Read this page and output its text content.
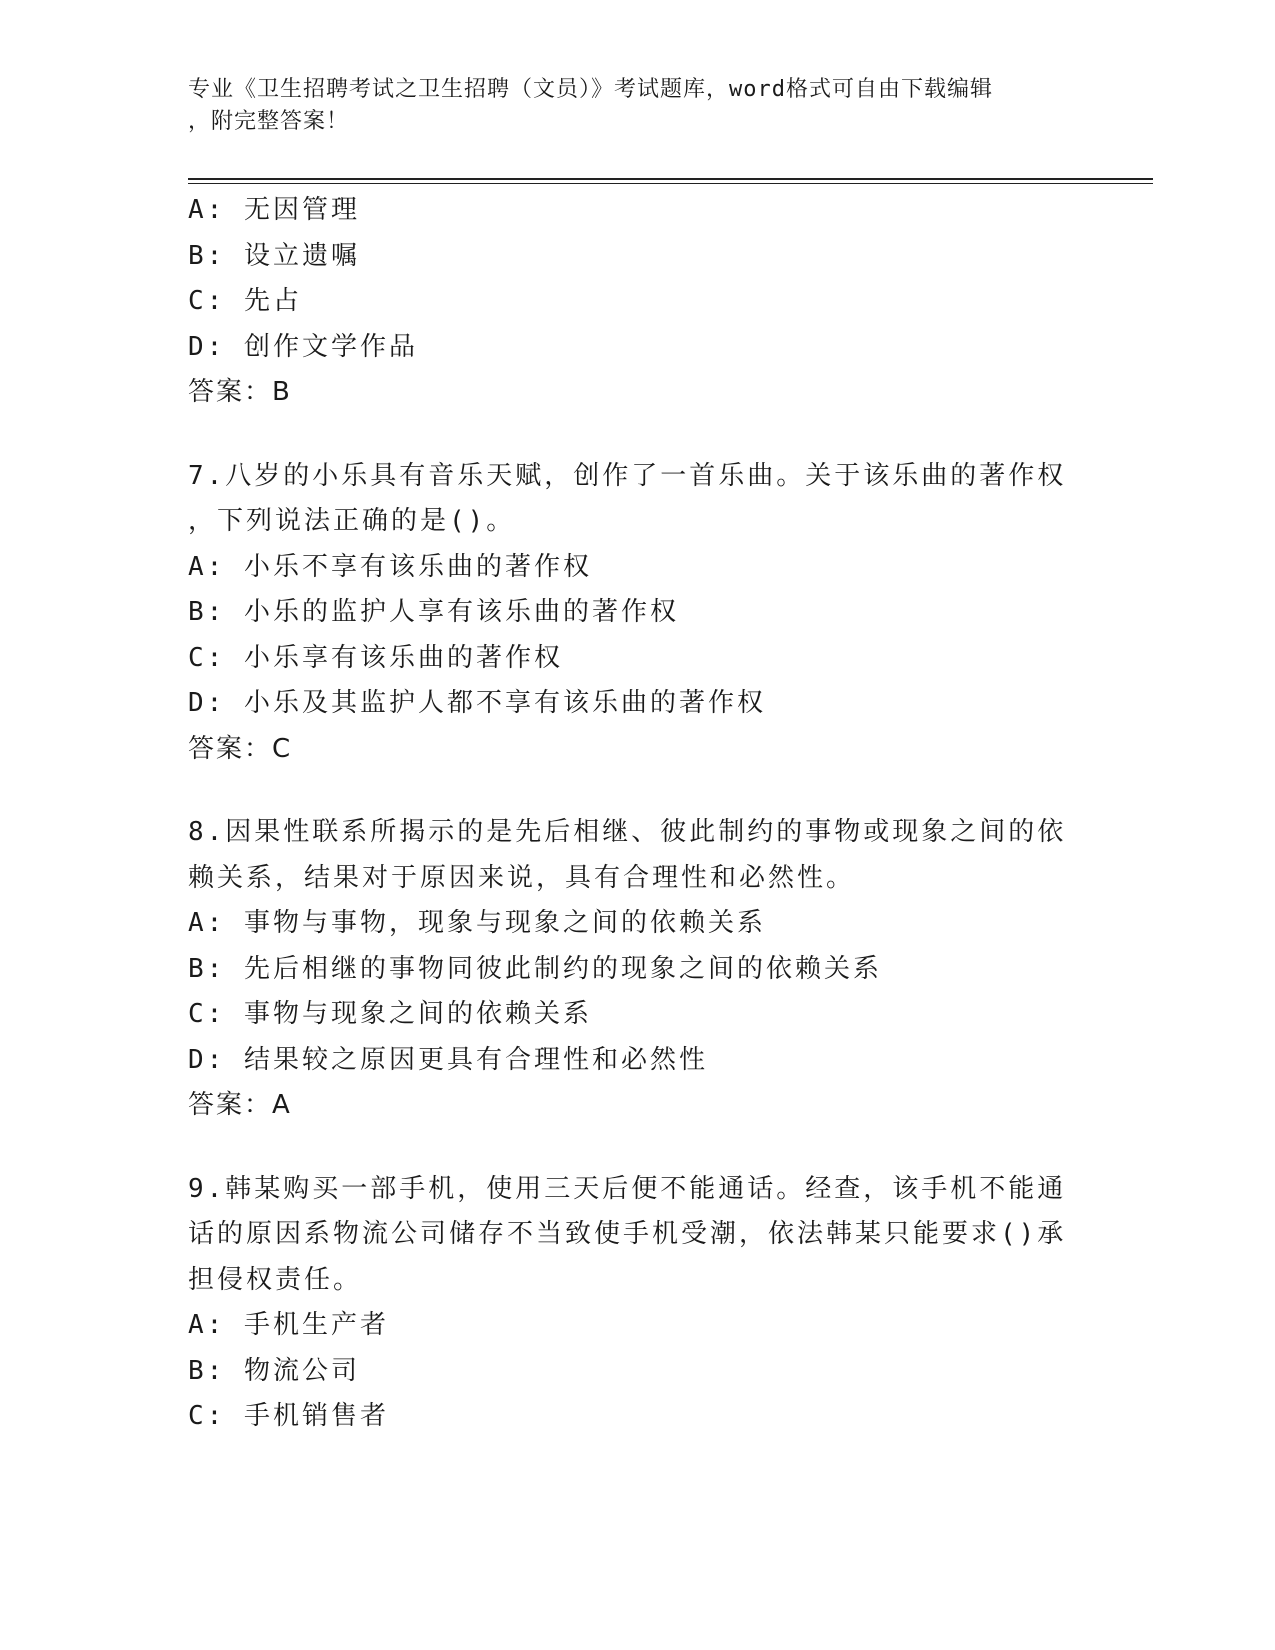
专业《卫生招聘考试之卫生招聘（文员）》考试题库，word格式可自由下载编辑
，附完整答案！

A: 无因管理

B: 设立遗嘱

C: 先占

D: 创作文学作品

答案：B

7.八岁的小乐具有音乐天赋，创作了一首乐曲。关于该乐曲的著作权

，下列说法正确的是()。

A: 小乐不享有该乐曲的著作权

B: 小乐的监护人享有该乐曲的著作权

C: 小乐享有该乐曲的著作权

D: 小乐及其监护人都不享有该乐曲的著作权

答案：C

8.因果性联系所揭示的是先后相继、彼此制约的事物或现象之间的依

赖关系，结果对于原因来说，具有合理性和必然性。

A: 事物与事物，现象与现象之间的依赖关系

B: 先后相继的事物同彼此制约的现象之间的依赖关系

C: 事物与现象之间的依赖关系

D: 结果较之原因更具有合理性和必然性

答案：A

9.韩某购买一部手机，使用三天后便不能通话。经查，该手机不能通

话的原因系物流公司储存不当致使手机受潮，依法韩某只能要求()承

担侵权责任。

A: 手机生产者

B: 物流公司

C: 手机销售者
